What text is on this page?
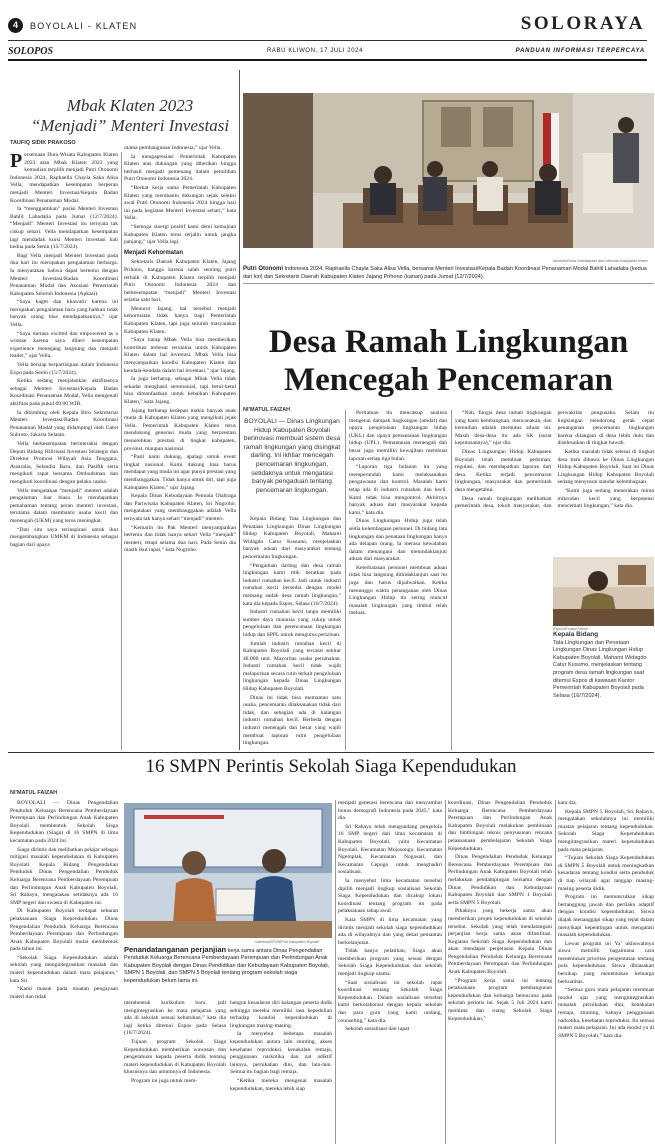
4	BOYOLALI - KLATEN	SOLORAYA
SOLOPOS	RABU KLIWON, 17 JULI 2024	PANDUAN INFORMASI TERPERCAYA
Mbak Klaten 2023
“Menjadi” Menteri Investasi
TAUFIQ SIDIK PRAKOSO
P ersemaan Duta Wisata Kabupaten Klaten 2023 atau Mbak Klaten 2023 yang kemudian terpilih menjadi Putri Otonomi Indonesia 2024, Raphaella Chayla Saka Alisa Vella, mendapatkan kesempatan berperan menjadi Menteri Investasi/Kepala Badan Koordinasi Penanaman Modal.

Ia “menggantikan” posisi Menteri Investasi Bahlil Lahadalia pada Jumat (12/7/2024). “Menjadi” Menteri Investasi itu ternyata tak cukup sehari. Vella mendapatkan kesempatan lagi mendadak kursi Menteri Investasi kali kedua pada Senin (15/7/2024).

Bagi Vella menjadi Menteri Investasi pada dua hari itu merupakan pengalaman berharga. Ia menyatakan bahwa dapat bertemu dengan Menteri Investasi/Badan Koordinasi Penanaman Modal dan Asosiasi Pemerintah Kabupaten Seluruh Indonesia (Apkasi).

“Saya kaget dan khawatir karena ini merupakan pengalaman baru yang bahkan tidak banyak orang bisa mendapatkannya,” ujar Vella.

“Saya merasa excited dan empowered as a woman karena saya diberi kesempatan experience menegang langsung dan menjadi leader,” ujar Vella.

Vella bersiap berpartisipasi dalam Indonesia Expo pada Senin (15/7/2024).

Ketika sedang menjalankan aktifitasnya sebagai Menteri Investasi/Kepala Badan Koordinasi Penanaman Modal, Vella mengenali aktifitas pada pukul 09.00 WIB.

Ia dibimbing oleh Kepala Biro Sekretariat Menteri Investasi/Badan Koordinasi Penanaman Modal yang didampingi oleh Gatot Subroto, Jakarta Selatan.

Vella berkesempatan berinteraksi dengan Deputi Bidang Hilirisasi Investasi Strategis dan Direktur Promosi Wilayah Asia Tenggara, Australia, Selandia Baru, dan Pasifik serta mengikuti rapat bersama Ombudsman dan mengikuti koordinasi dengan pelaku usaha.

Vella mengatakan “menjadi” menteri adalah pengalaman luar biasa. Ia mendapatkan pemahaman tentang peran menteri investasi, terutama dalam membantu usaha kecil dan menengah (UKM) yang terus meningkat.

“Dari situ saya terinspirasi untuk ikut mengembangkan UMKM di Indonesia sebagai bagian dari upaya

utama pembangunan Indonesia,” ujar Vella.

Ia mengapresiasi Pemerintah Kabupaten Klaten atas dukungan yang diberikan hingga berhasil menjadi pemenang dalam pemilihan Putri Otonomi Indonesia 2024.

“Berkat kerja sama Pemerintah Kabupaten Klaten yang membantu dukungan sejak seleksi awal Putri Otonomi Indonesia 2024 hingga hari ini pada kegiatan Menteri Investasi sehari,” kata Vella.

“Semoga sinergi positif kami demi kemajuan Kabupaten Klaten terus terjalin untuk jangka panjang,” ujar Vella lagi.

Menjadi Kehormatan

Sekretaris Daerah Kabupaten Klaten, Jajang Prihono, bangga karena salah seorang putri terbaik di Kabupaten Klaten terpilih menjadi Putri Otonomi Indonesia 2024 dan berkesempatan “menjadi” Menteri Investasi selama satu hari.

Menurut Jajang, hal tersebut menjadi kehormatan tidak hanya bagi Pemerintah Kabupaten Klaten, tapi juga seluruh masyarakat Kabupaten Klaten.

“Saya harap Mbak Vella bisa memberikan kontribusi terbesar terutama untuk Kabupaten Klaten dalam hal investasi. Mbak Vella bisa menyampaikan kondisi Kabupaten Klaten dan kendala-kendala dalam hal investasi,” ujar Jajang.

Ia juga berharap, sebagai Mbak Vella tidak sekadar menghasil seremonial, tapi betul-betul bisa dimanfaatkan untuk kebaikan Kabupaten Klaten,” kata Jajang.

Jajang berharap kedepan makin banyak anak muda di Kabupaten Klaten yang mengikuti jejak Vella. Pemerintah Kabupaten Klaten terus mendukung generasi muda yang berprestasi menorehkan prestasi di tingkat kabupaten, provinsi, maupun nasional.

“Pasti kami dukung, apalagi untuk event tingkat nasional. Kami dukung bisa harus mendapat yang muda ini agar punya prestasi yang membanggakan. Tidak hanya untuk diri, tapi juga Kabupaten Klaten,” ujar Jajang.

Kepala Dinas Kebudayaan Pemuda Olahraga dan Pariwisata Kabupaten Klaten, Sri Nugroho, mengatakan yang membanggakan adalah Vella ternyata tak hanya sehari “menjadi” menteri.

“Kemarin itu Pak Menteri menyampaikan bertemu dan tidak hanya sehari Vella “menjadi” menteri, tetapi selama dua hari. Pada Senin dia masih ikut rapat,” kata Nugroho.

Istimewa/Dinas Kebudayaan dan Informasi Kabupaten Klaten
Putri Otonomi Indonesia 2024, Raphaella Chayla Saka Alisa Vella, bersama Menteri Investasi/Kepala Badan Koordinasi Penanaman Modal Bahlil Lahadalia (kedua dari kiri) dan Sekretaris Daerah Kabupaten Klaten Jajang Prihono (kanan) pada Jumat (12/7/2024).
Desa Ramah Lingkungan
Mencegah Pencemaran
NI’MATUL FAIZAH
BOYOLALI — Dinas Lingkungan Hidup Kabupaten Boyolali berinovasi membuat sistem desa ramah lingkungan yang disingkat darling. Ini ikhtiar mencegah pencemaran lingkungan, setidaknya untuk mengatasi banyak pengaduan tentang pencemaran lingkungan.

Kepala Bidang Tata Lingkungan dan Penataan Lingkungan Dinas Lingkungan Hidup Kabupaten Boyolali, Maharni Widagdo Catur Kusumo, menjelaskan banyak aduan dari masyarakat tentang pencemaran lingkungan.

“Pengaduan darling dan desa ramah lingkungan kami titik beratkan pada industri rumahan kecil. Jadi untuk industri rumahan kecil bersedia dengan model memang sudah desa ramah lingkungan,” kata dia kepada Espos, Selasa (16/7/2024).

Industri rumahan kecil tanpa memiliki sumber daya manusia yang cukup untuk pengelolaan dan perencanaan lingkungan hidup dan SPPL untuk mengurus perizinan.

Jumlah industri rumahan kecil di Kabupaten Boyolali yang tercatat sekitar 48.000 unit. Mayoritas usaha perumahan. Industri rumahan kecil tidak wajib melaporkan secara rutin terkait pengelolaan lingkungan kepada Dinas Lingkungan Hidup Kabupaten Boyolali.

Dinas ini tidak bisa memantau satu usaha, pencemaran dilaksanakan tidak dari tidak, dan sebagian ada di kalangan industri rumahan kecil. Berbeda dengan industri menengah dan besar yang wajib membuat laporan rutin pengelolaan lingkungan.

Pertiaman itu mencakup analisis mengenai dampak lingkungan (amdal) dan upaya pengelolaan lingkungan hidup (UKL) dan upaya pemantauan lingkungan hidup (UPL). Pemantauan menengah dan besar juga memiliki kewajiban membuat laporan setiap tiga bulan.

“Laporan tiga bulanan itu yang memperundah kami melaksanakan pengawasan dan kontrol. Masalah kami tetap ada di industri rumahan dan kecil. Kami tidak bisa mengontrol. Akhirnya banyak aduan dari masyarakat kepada kami,” kata dia.

Dinas Lingkungan Hidup juga telah sedia kelembagaan personel. Di bidang tata lingkungan dan penataan lingkungan hanya ada delapan orang. Ia merasa kewalahan dalam menangani dan menindaklanjuti aduan dari masyarakat.

Keterbatasan personel membuat aduan tidak bisa langsung ditindaklanjuti saat itu juga dan harus dijadwalkan. Ketika menunggu waktu penanganan oleh Dinas Lingkungan Hidup itu sering muncul masalah lingkungan yang timbul telah meluas.

“Nah, fungsi desa ramah lingkungan yang kami kembangkan, mencanakan, dan kemudian adalah memutus aduan ini. Masih desa-desa itu ada SK (surat keputusannya),” ujar dia.

Dinas Lingkungan Hidup Kabupaten Boyolali telah membuat pedoman, regulasi, dan mendapatkan laporan dari desa. Ketika terjadi pencemaran lingkungan, masyarakat dan pemerintah desa mengetahui.

Desa ramah lingkungan melibatkan pemerintah desa, tokoh masyarakat, dan perwakilan pengusaha. Selain itu lingkungan mendorong gerak cepat penanganan pencemaran lingkungan karena ditangani di desa lebih dulu dan diselesaikan di tingkat bawah.

Ketika masalah tidak selesai di tingkat desa baru dibawa ke Dinas Lingkungan Hidup Kabupaten Boyolali. Saat ini Dinas Lingkungan Hidup Kabupaten Boyolali sedang menyusun standar kelembagaan.

“Kami juga sedang menerakan minta mikrodan kecil yang berpotensi mencemari lingkungan,” kata dia.

Kepala Bidang
Tata Lingkungan dan Penataan Lingkungan Dinas Lingkungan Hidup Kabupaten Boyolali, Maharni Widagdo Catur Kusumo, menjelaskan tentang program desa ramah lingkungan saat ditemui Espos di kawasan Kantor Pemerintah Kabupaten Boyolali pada Selasa (16/7/2024).
Espos/Ni’matul Faizah
16 SMPN Perintis Sekolah Siaga Kependudukan
NI’MATUL FAIZAH

BOYOLALI — Dinas Pengendalian Penduduk Keluarga Berencana Pemberdayaan Perempuan dan Perlindungan Anak Kabupaten Boyolali membentuk Sekolah Siaga Kependudukan (Siaga) di 16 SMPN di lima kecamatan pada 2024 ini.

Siaga dirintis dan melibatkan pelajar sebagai mitigasi masalah kependudukan di Kabupaten Boyolali. Kepala Bidang Pengendalian Penduduk Dinas Pengendalian Penduduk Keluarga Berencana Pemberdayaan Perempuan dan Perlindungan Anak Kabupaten Boyolali, Sri Rahayu, mengatakan setidaknya ada 16 SMP negeri dan swasta di Kabupaten ini.

Di Kabupaten Boyolali terdapat sebaran pelaksanaan Siaga Kependudukan. Dinas Pengendalian Penduduk Keluarga Berencana Pemberdayaan Perempuan dan Perlindungan Anak Kabupaten Boyolali mulai membentuk pada tahun ini.

“Sekolah Siaga Kependudukan adalah sekolah yang mengintegrasikan masalah dan materi kependudukan dalam mata pelajaran,” kata Sri.

“Kami masuk pada muatan pengayaan materi dan tidak

Istimewa/DP2KBP3A Kabupaten Boyolali
Penandatanganan perjanjian kerja sama antara Dinas Pengendalian Penduduk Keluarga Berencana Pemberdayaan Perempuan dan Perlindungan Anak Kabupaten Boyolali dengan Dinas Pendidikan dan Kebudayaan Kabupaten Boyolali, SMPN 1 Boyolali, dan SMPN 5 Boyolali tentang program sekolah siaga kependudukan belum lama ini.

membentuk kurikulum baru, jadi mengintegrasikan ke mata pelajaran yang ada di sekolah sesuai kebutuhan,” kata dia lagi ketika ditemui Espos pada Selasa (16/7/2024).

Tujuan program Sekolah Siaga Kependudukan memberikan wawasan dan pengetahuan kepada peserta didik tentang materi kependudukan di Kabupaten Boyolali khususnya dan umumnya di Indonesia.

Program ini juga untuk mem-

bangun kesadaran diri kalangan peserta didik sehingga mereka memiliki rasa kepedulian terhadap kondisi kependudukan di lingkungan masing-masing.

Ia menyebut beberapa masalah kependudukan antara lain stunting, akses kesehatan reproduksi, kenakalan remaja, penggunaan narkotika dan zat adiktif lainnya, pernikahan dini, dan lain-lain. Semua itu bagian bagi remaja.

“Ketika mereka mengenal masalah kependudukan, mereka lebih siap

menjadi generasi berencana dan menyambut bonus demografi Indonesia pada 2045,” kata dia.

Sri Rahayu telah mengundang pengelola 16 SMP negeri dari lima kecamatan di Kabupaten Boyolali, yaitu Kecamatan Boyolali, Kecamatan Mojosongo, Kecamatan Ngemplak, Kecamatan Nogosari, dan Kecamatan Cepogo untuk menghadiri sosialisasi.

Ia menyebut lima kecamatan tersebut dipilih menjadi lingkup sosialisasi Sekolah Siaga Kependudukan dan dicakup lokasi koordinasi tentang program itu pada pelaksanaan tahap awal.

Kata SMPN di lima kecamatan yang dirintis menjadi sekolah siaga kependudukan ada di wilayahnya dan yang dekat pemantau berkelanjutan.

Tidak hanya pelatihan, Siaga akan memberikan program yang sesuai dengan Sekolah Siaga Kependudukan dan sekolah menjadi lingkup utama.

“Saat sosialisasi ini sekolah rapat koordinasi tentang Sekolah Siaga Kependudukan. Dalam sosialisasi tersebut kami berkolaborasi dengan kepala sekolah dan para guru yang kami undang, counseling,” kata dia.

Sekolah sosialisasi dan rapat

koordinasi, Dinas Pengendalian Penduduk Keluarga Berencana Pemberdayaan Perempuan dan Perlindungan Anak Kabupaten Boyolali melakukan pembinaan dan bimbingan teknis penyusunan rencana pelaksanaan pembelajaran Sekolah Siaga Kependudukan.

Dinas Pengendalian Penduduk Keluarga Berencana Pemberdayaan Perempuan dan Perlindungan Anak Kabupaten Boyolali telah melakukan pendampingan bersama dengan Dinas Pendidikan dan Kebudayaan Kabupaten Boyolali dan SMPN 1 Boyolali serta SMPN 5 Boyolali.

Pihaknya yang bekerja sama akan memberikan projek kependudukan di sekolah tersebut. Sekolah yang telah mendatangani perjanjian kerja sama akan difasilitasi. Kegiatan Sekolah Siaga Kependudukan dan akan mendapat penjelasan Kepala Dinas Pengendalian Penduduk Keluarga Berencana Pemberdayaan Perempuan dan Perlindungan Anak Kabupaten Boyolali.

“Program kerja sama ini tentang pelaksanaan program pembangunan kependudukan dan keluarga berencana pada sekolah perintis ini. Sejak 5 Juli 2024 kami meminta dan ruang Sekolah Siaga Kependudukan,”

kata dia.

Kepala SMPN 5 Boyolali, Sri Rahayu, mengatakan sekolahnya ini memiliki muatan pelajaran tentang kependudukan. Sekolah Siaga Kependudukan mengintegrasikan materi kependudukan pada mata pelajaran.

“Tujuan Sekolah Siaga Kependudukan di SMPN 5 Boyolali untuk meningkatkan kesadaran tentang kondisi serta penduduk di tiap wilayah agar tanggap masing-masing peserta didik.

Program ini memunculkan sikap bertanggung jawab dan perilaku adaptif dengan kondisi kependudukan. Siswa diajak menanggapi sikap yang tepat dalam menyikapi kepentingan untuk mengatasi masalah kependudukan.

Lewat program ini Ya’ ukhuwahnya siswa memilih bagaimana cara menentukan prioritas pengentasan tentang pola kependudukan. Siswa dibiasakan bersikap yang menentukan keluarga berkualitas.

“Semua guru mata pelajaran membuat modul ajar yang mengintegrasikan masalah pernikahan dini, kenakalan remaja, stunting, bahaya penggunaan narkotika, kesehatan reproduksi. Itu semua materi mata pelajaran. Ini ada modul ya di SMPN 5 Boyolali,” kata dia.
